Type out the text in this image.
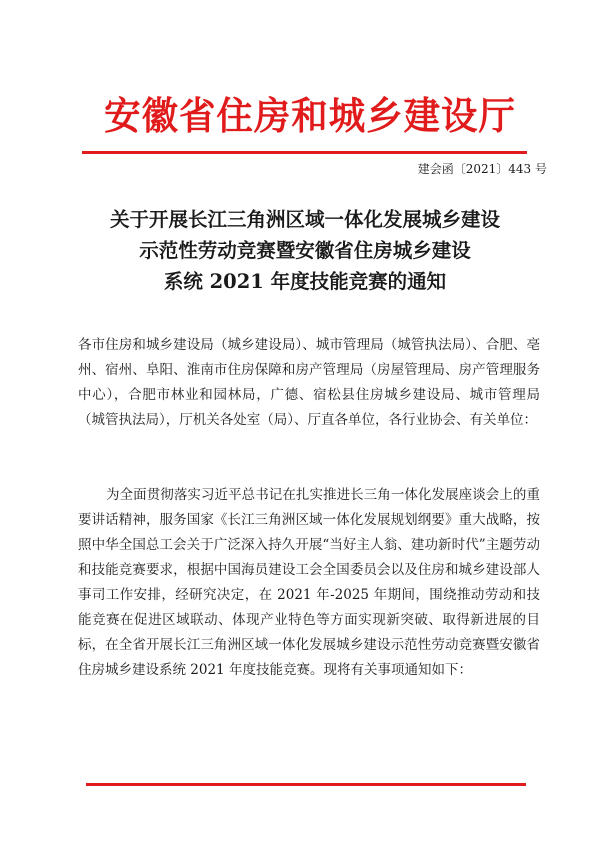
安徽省住房和城乡建设厅
建会函〔2021〕443 号
关于开展长江三角洲区域一体化发展城乡建设
示范性劳动竞赛暨安徽省住房城乡建设
系统 2021 年度技能竞赛的通知
各市住房和城乡建设局（城乡建设局）、城市管理局（城管执法局）、合肥、亳州、宿州、阜阳、淮南市住房保障和房产管理局（房屋管理局、房产管理服务中心），合肥市林业和园林局，广德、宿松县住房城乡建设局、城市管理局（城管执法局），厅机关各处室（局）、厅直各单位，各行业协会、有关单位：
为全面贯彻落实习近平总书记在扎实推进长三角一体化发展座谈会上的重要讲话精神，服务国家《长江三角洲区域一体化发展规划纲要》重大战略，按照中华全国总工会关于广泛深入持久开展“当好主人翁、建功新时代”主题劳动和技能竞赛要求，根据中国海员建设工会全国委员会以及住房和城乡建设部人事司工作安排，经研究决定，在 2021 年-2025 年期间，围绕推动劳动和技能竞赛在促进区域联动、体现产业特色等方面实现新突破、取得新进展的目标，在全省开展长江三角洲区域一体化发展城乡建设示范性劳动竞赛暨安徽省住房城乡建设系统 2021 年度技能竞赛。现将有关事项通知如下：
